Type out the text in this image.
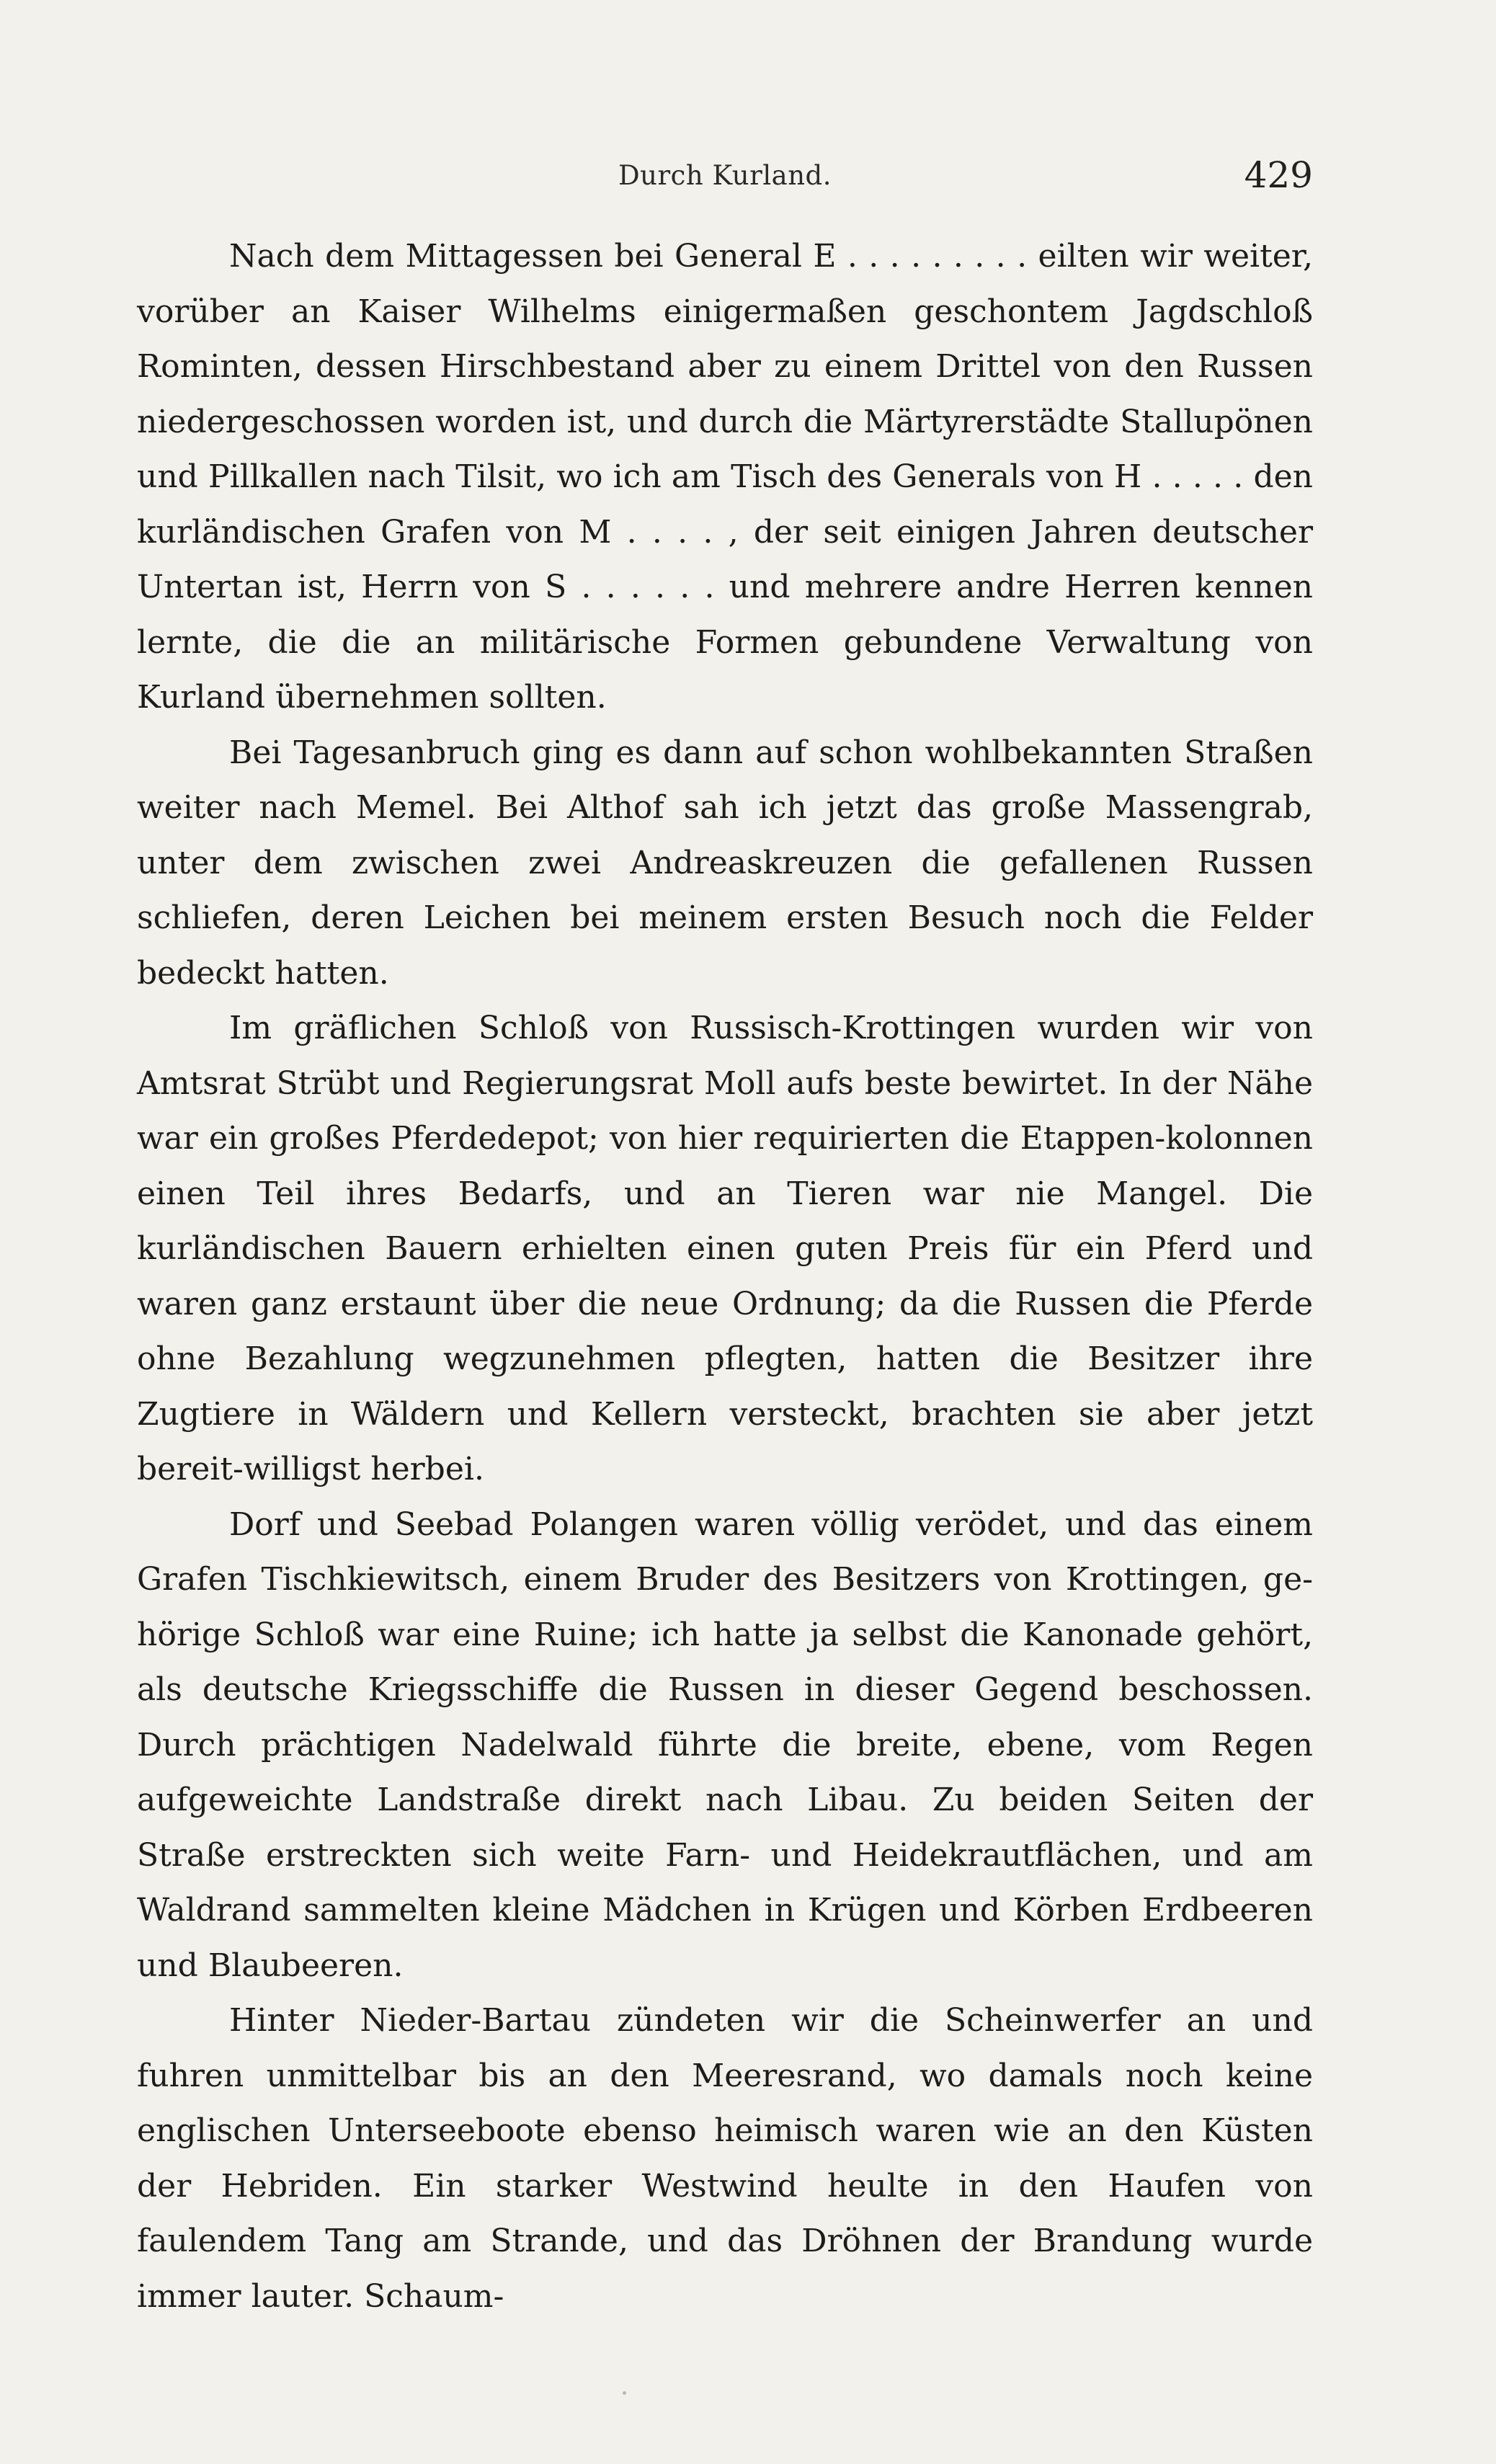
Durch Kurland.	429

Nach dem Mittagessen bei General E . . . . . . . . . eilten wir weiter, vorüber an Kaiser Wilhelms einigermaßen geschontem Jagdschloß Rominten, dessen Hirschbestand aber zu einem Drittel von den Russen niedergeschossen worden ist, und durch die Märtyrerstädte Stallupönen und Pillkallen nach Tilsit, wo ich am Tisch des Generals von H . . . . . den kurländischen Grafen von M . . . . , der seit einigen Jahren deutscher Untertan ist, Herrn von S . . . . . . und mehrere andre Herren kennen lernte, die die an militärische Formen gebundene Verwaltung von Kurland übernehmen sollten.

Bei Tagesanbruch ging es dann auf schon wohlbekannten Straßen weiter nach Memel. Bei Althof sah ich jetzt das große Massengrab, unter dem zwischen zwei Andreaskreuzen die gefallenen Russen schliefen, deren Leichen bei meinem ersten Besuch noch die Felder bedeckt hatten.

Im gräflichen Schloß von Russisch-Krottingen wurden wir von Amtsrat Strübt und Regierungsrat Moll aufs beste bewirtet. In der Nähe war ein großes Pferdedepot; von hier requirierten die Etappen-kolonnen einen Teil ihres Bedarfs, und an Tieren war nie Mangel. Die kurländischen Bauern erhielten einen guten Preis für ein Pferd und waren ganz erstaunt über die neue Ordnung; da die Russen die Pferde ohne Bezahlung wegzunehmen pflegten, hatten die Besitzer ihre Zugtiere in Wäldern und Kellern versteckt, brachten sie aber jetzt bereit-willigst herbei.

Dorf und Seebad Polangen waren völlig verödet, und das einem Grafen Tischkiewitsch, einem Bruder des Besitzers von Krottingen, ge-hörige Schloß war eine Ruine; ich hatte ja selbst die Kanonade gehört, als deutsche Kriegsschiffe die Russen in dieser Gegend beschossen. Durch prächtigen Nadelwald führte die breite, ebene, vom Regen aufgeweichte Landstraße direkt nach Libau. Zu beiden Seiten der Straße erstreckten sich weite Farn- und Heidekrautflächen, und am Waldrand sammelten kleine Mädchen in Krügen und Körben Erdbeeren und Blaubeeren.

Hinter Nieder-Bartau zündeten wir die Scheinwerfer an und fuhren unmittelbar bis an den Meeresrand, wo damals noch keine englischen Unterseeboote ebenso heimisch waren wie an den Küsten der Hebriden. Ein starker Westwind heulte in den Haufen von faulendem Tang am Strande, und das Dröhnen der Brandung wurde immer lauter. Schaum-
